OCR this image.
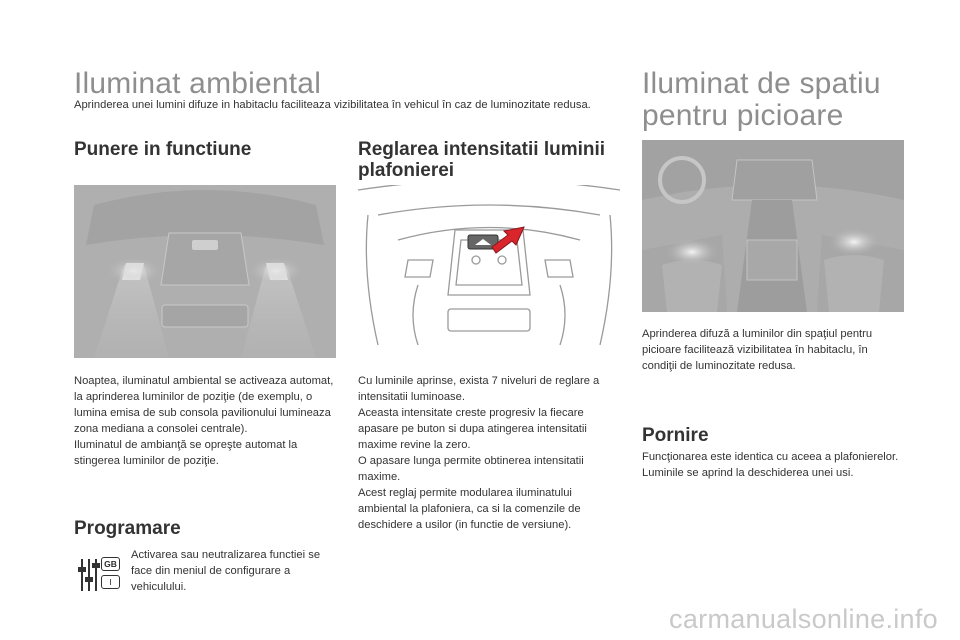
Iluminat ambiental
Aprinderea unei lumini difuze in habitaclu faciliteaza vizibilitatea în vehicul în caz de luminozitate redusa.
Punere in functiune
Noaptea, iluminatul ambiental se activeaza automat, la aprinderea luminilor de poziţie (de exemplu, o lumina emisa de sub consola pavilionului lumineaza zona mediana a consolei centrale).
Iluminatul de ambianţă se opreşte automat la stingerea luminilor de poziţie.
Programare
GB
I
Activarea sau neutralizarea functiei se face din meniul de configurare a vehiculului.
Reglarea intensitatii luminii plafonierei
Cu luminile aprinse, exista 7 niveluri de reglare a intensitatii luminoase.
Aceasta intensitate creste progresiv la fiecare apasare pe buton si dupa atingerea intensitatii maxime revine la zero.
O apasare lunga permite obtinerea intensitatii maxime.
Acest reglaj permite modularea iluminatului ambiental la plafoniera, ca si la comenzile de deschidere a usilor (in functie de versiune).
Iluminat de spatiu
pentru picioare
Aprinderea difuză a luminilor din spaţiul pentru picioare facilitează vizibilitatea în habitaclu, în condiţii de luminozitate redusa.
Pornire
Funcţionarea este identica cu aceea a plafonierelor. Luminile se aprind la deschiderea unei usi.
carmanualsonline.info
